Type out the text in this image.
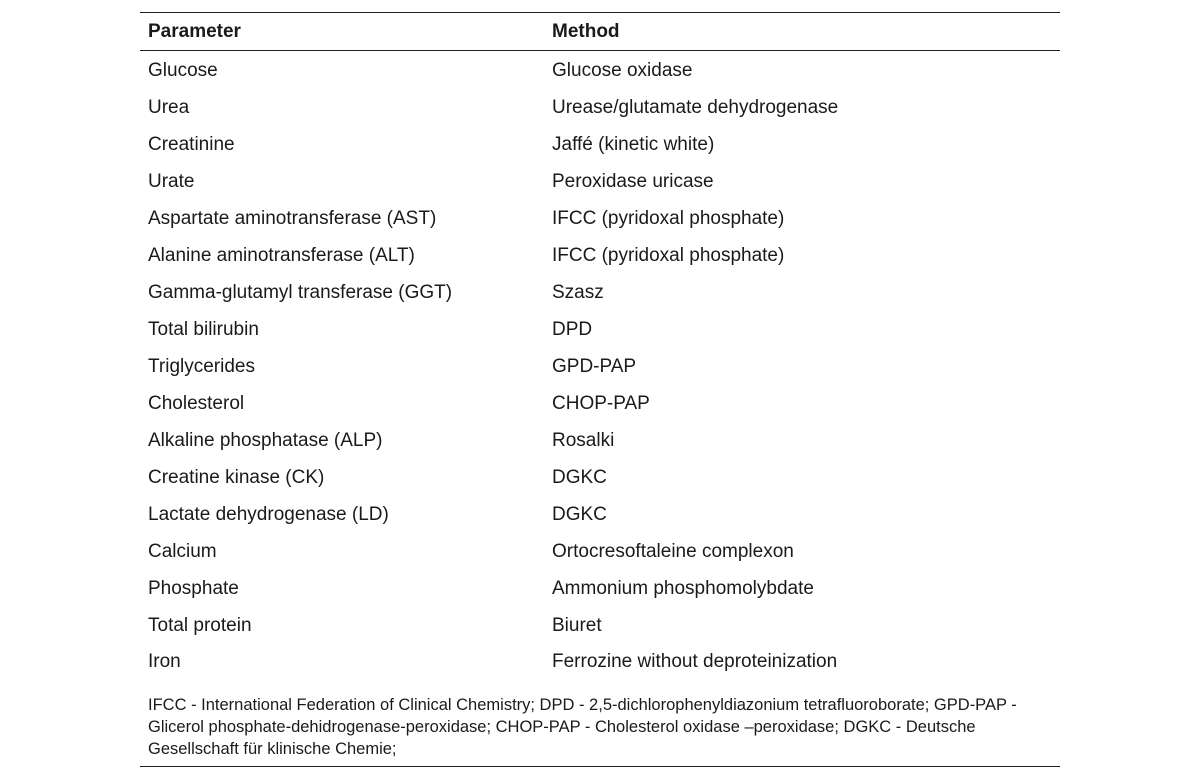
Parameter	Method
Glucose	Glucose oxidase
Urea	Urease/glutamate dehydrogenase
Creatinine	Jaffé (kinetic white)
Urate	Peroxidase uricase
Aspartate aminotransferase (AST)	IFCC (pyridoxal phosphate)
Alanine aminotransferase (ALT)	IFCC (pyridoxal phosphate)
Gamma-glutamyl transferase (GGT)	Szasz
Total bilirubin	DPD
Triglycerides	GPD-PAP
Cholesterol	CHOP-PAP
Alkaline phosphatase (ALP)	Rosalki
Creatine kinase (CK)	DGKC
Lactate dehydrogenase (LD)	DGKC
Calcium	Ortocresoftaleine complexon
Phosphate	Ammonium phosphomolybdate
Total protein	Biuret
Iron	Ferrozine without deproteinization
IFCC - International Federation of Clinical Chemistry; DPD - 2,5-dichlorophenyldiazonium tetrafluoroborate; GPD-PAP - Glicerol phosphate-dehidrogenase-peroxidase; CHOP-PAP - Cholesterol oxidase –peroxidase; DGKC - Deutsche Gesellschaft für klinische Chemie;
